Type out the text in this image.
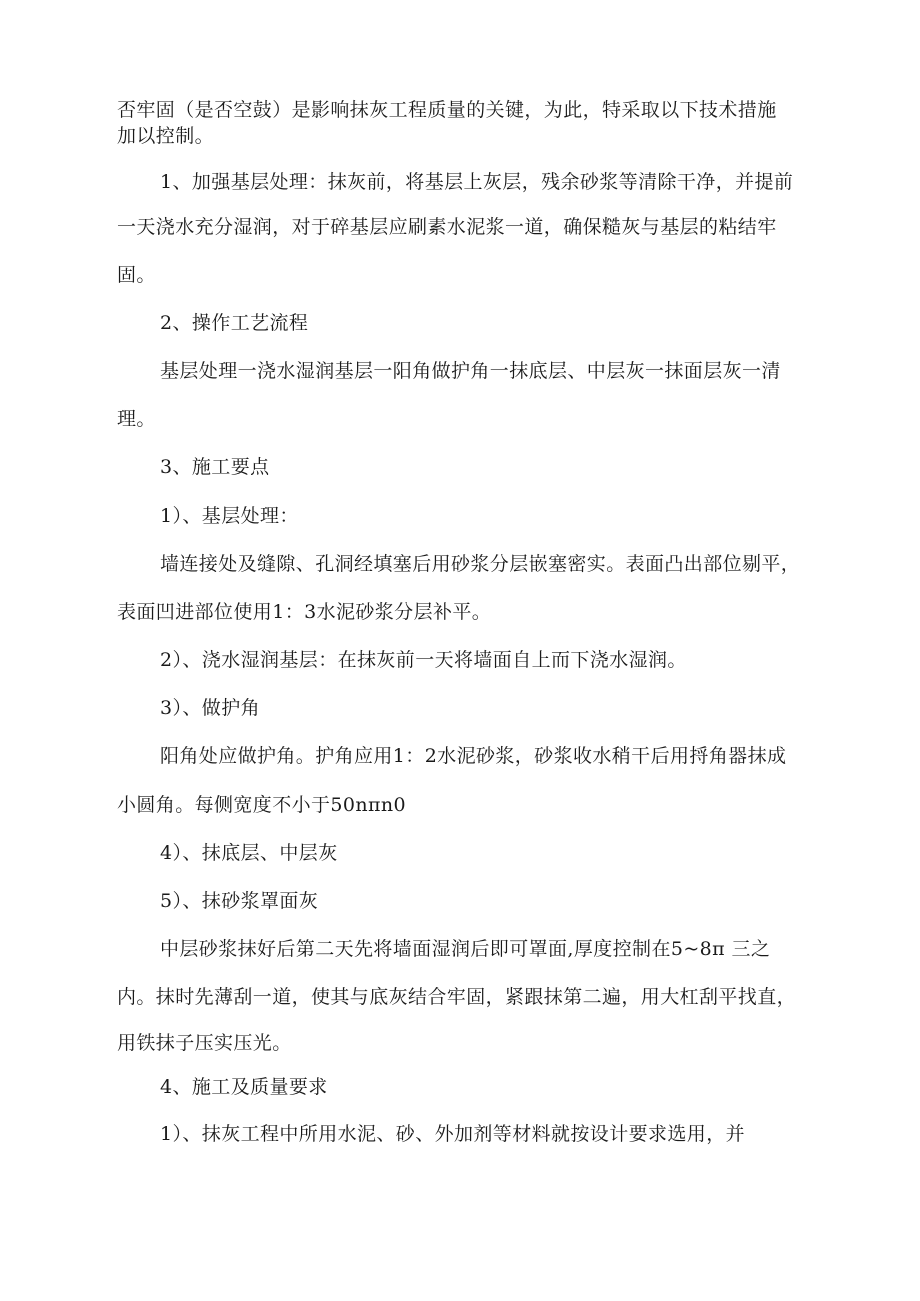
否牢固（是否空鼓）是影响抹灰工程质量的关键，为此，特采取以下技术措施
加以控制。
1、加强基层处理：抹灰前，将基层上灰层，残余砂浆等清除干净，并提前
一天浇水充分湿润，对于碎基层应刷素水泥浆一道，确保糙灰与基层的粘结牢
固。
2、操作工艺流程
基层处理一浇水湿润基层一阳角做护角一抹底层、中层灰一抹面层灰一清
理。
3、施工要点
1）、基层处理：
墙连接处及缝隙、孔洞经填塞后用砂浆分层嵌塞密实。表面凸出部位剔平，
表面凹进部位使用1：3水泥砂浆分层补平。
2）、浇水湿润基层：在抹灰前一天将墙面自上而下浇水湿润。
3）、做护角
阳角处应做护角。护角应用1：2水泥砂浆，砂浆收水稍干后用捋角器抹成
小圆角。每侧宽度不小于50nπn0
4）、抹底层、中层灰
5）、抹砂浆罩面灰
中层砂浆抹好后第二天先将墙面湿润后即可罩面,厚度控制在5~8π 三之
内。抹时先薄刮一道，使其与底灰结合牢固，紧跟抹第二遍，用大杠刮平找直，
用铁抹子压实压光。
4、施工及质量要求
1）、抹灰工程中所用水泥、砂、外加剂等材料就按设计要求选用，并
